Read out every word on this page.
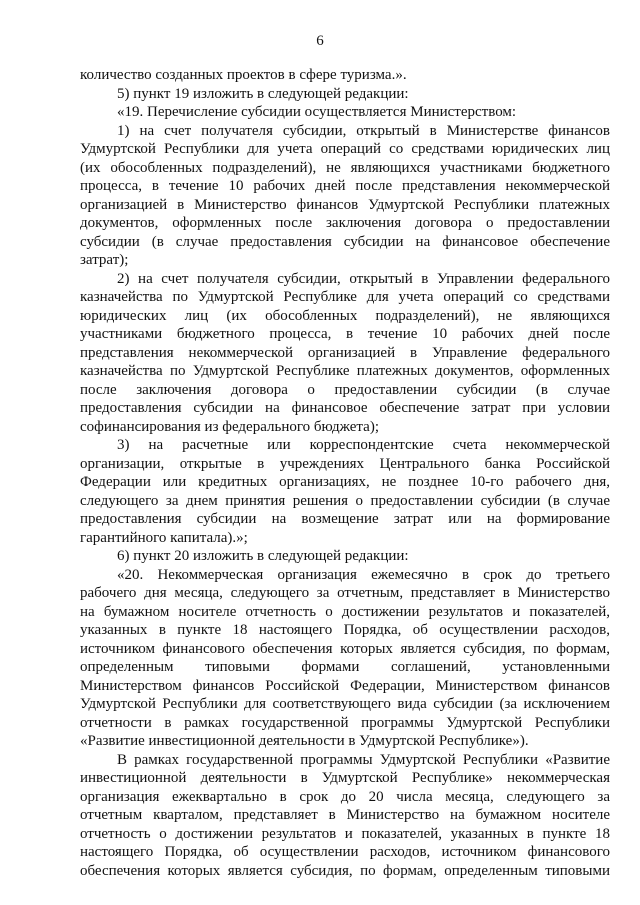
6
количество созданных проектов в сфере туризма.».
5) пункт 19 изложить в следующей редакции:
«19. Перечисление субсидии осуществляется Министерством:
1) на счет получателя субсидии, открытый в Министерстве финансов
Удмуртской Республики для учета операций со средствами юридических лиц
(их обособленных подразделений), не являющихся участниками бюджетного
процесса, в течение 10 рабочих дней после представления некоммерческой
организацией в Министерство финансов Удмуртской Республики платежных
документов, оформленных после заключения договора о предоставлении
субсидии (в случае предоставления субсидии на финансовое обеспечение
затрат);
2) на счет получателя субсидии, открытый в Управлении федерального
казначейства по Удмуртской Республике для учета операций со средствами
юридических лиц (их обособленных подразделений), не являющихся
участниками бюджетного процесса, в течение 10 рабочих дней после
представления некоммерческой организацией в Управление федерального
казначейства по Удмуртской Республике платежных документов, оформленных
после заключения договора о предоставлении субсидии (в случае
предоставления субсидии на финансовое обеспечение затрат при условии
софинансирования из федерального бюджета);
3) на расчетные или корреспондентские счета некоммерческой
организации, открытые в учреждениях Центрального банка Российской
Федерации или кредитных организациях, не позднее 10-го рабочего дня,
следующего за днем принятия решения о предоставлении субсидии (в случае
предоставления субсидии на возмещение затрат или на формирование
гарантийного капитала).»;
6) пункт 20 изложить в следующей редакции:
«20. Некоммерческая организация ежемесячно в срок до третьего
рабочего дня месяца, следующего за отчетным, представляет в Министерство
на бумажном носителе отчетность о достижении результатов и показателей,
указанных в пункте 18 настоящего Порядка, об осуществлении расходов,
источником финансового обеспечения которых является субсидия, по формам,
определенным типовыми формами соглашений, установленными
Министерством финансов Российской Федерации, Министерством финансов
Удмуртской Республики для соответствующего вида субсидии (за исключением
отчетности в рамках государственной программы Удмуртской Республики
«Развитие инвестиционной деятельности в Удмуртской Республике»).
В рамках государственной программы Удмуртской Республики «Развитие
инвестиционной деятельности в Удмуртской Республике» некоммерческая
организация ежеквартально в срок до 20 числа месяца, следующего за
отчетным кварталом, представляет в Министерство на бумажном носителе
отчетность о достижении результатов и показателей, указанных в пункте 18
настоящего Порядка, об осуществлении расходов, источником финансового
обеспечения которых является субсидия, по формам, определенным типовыми
